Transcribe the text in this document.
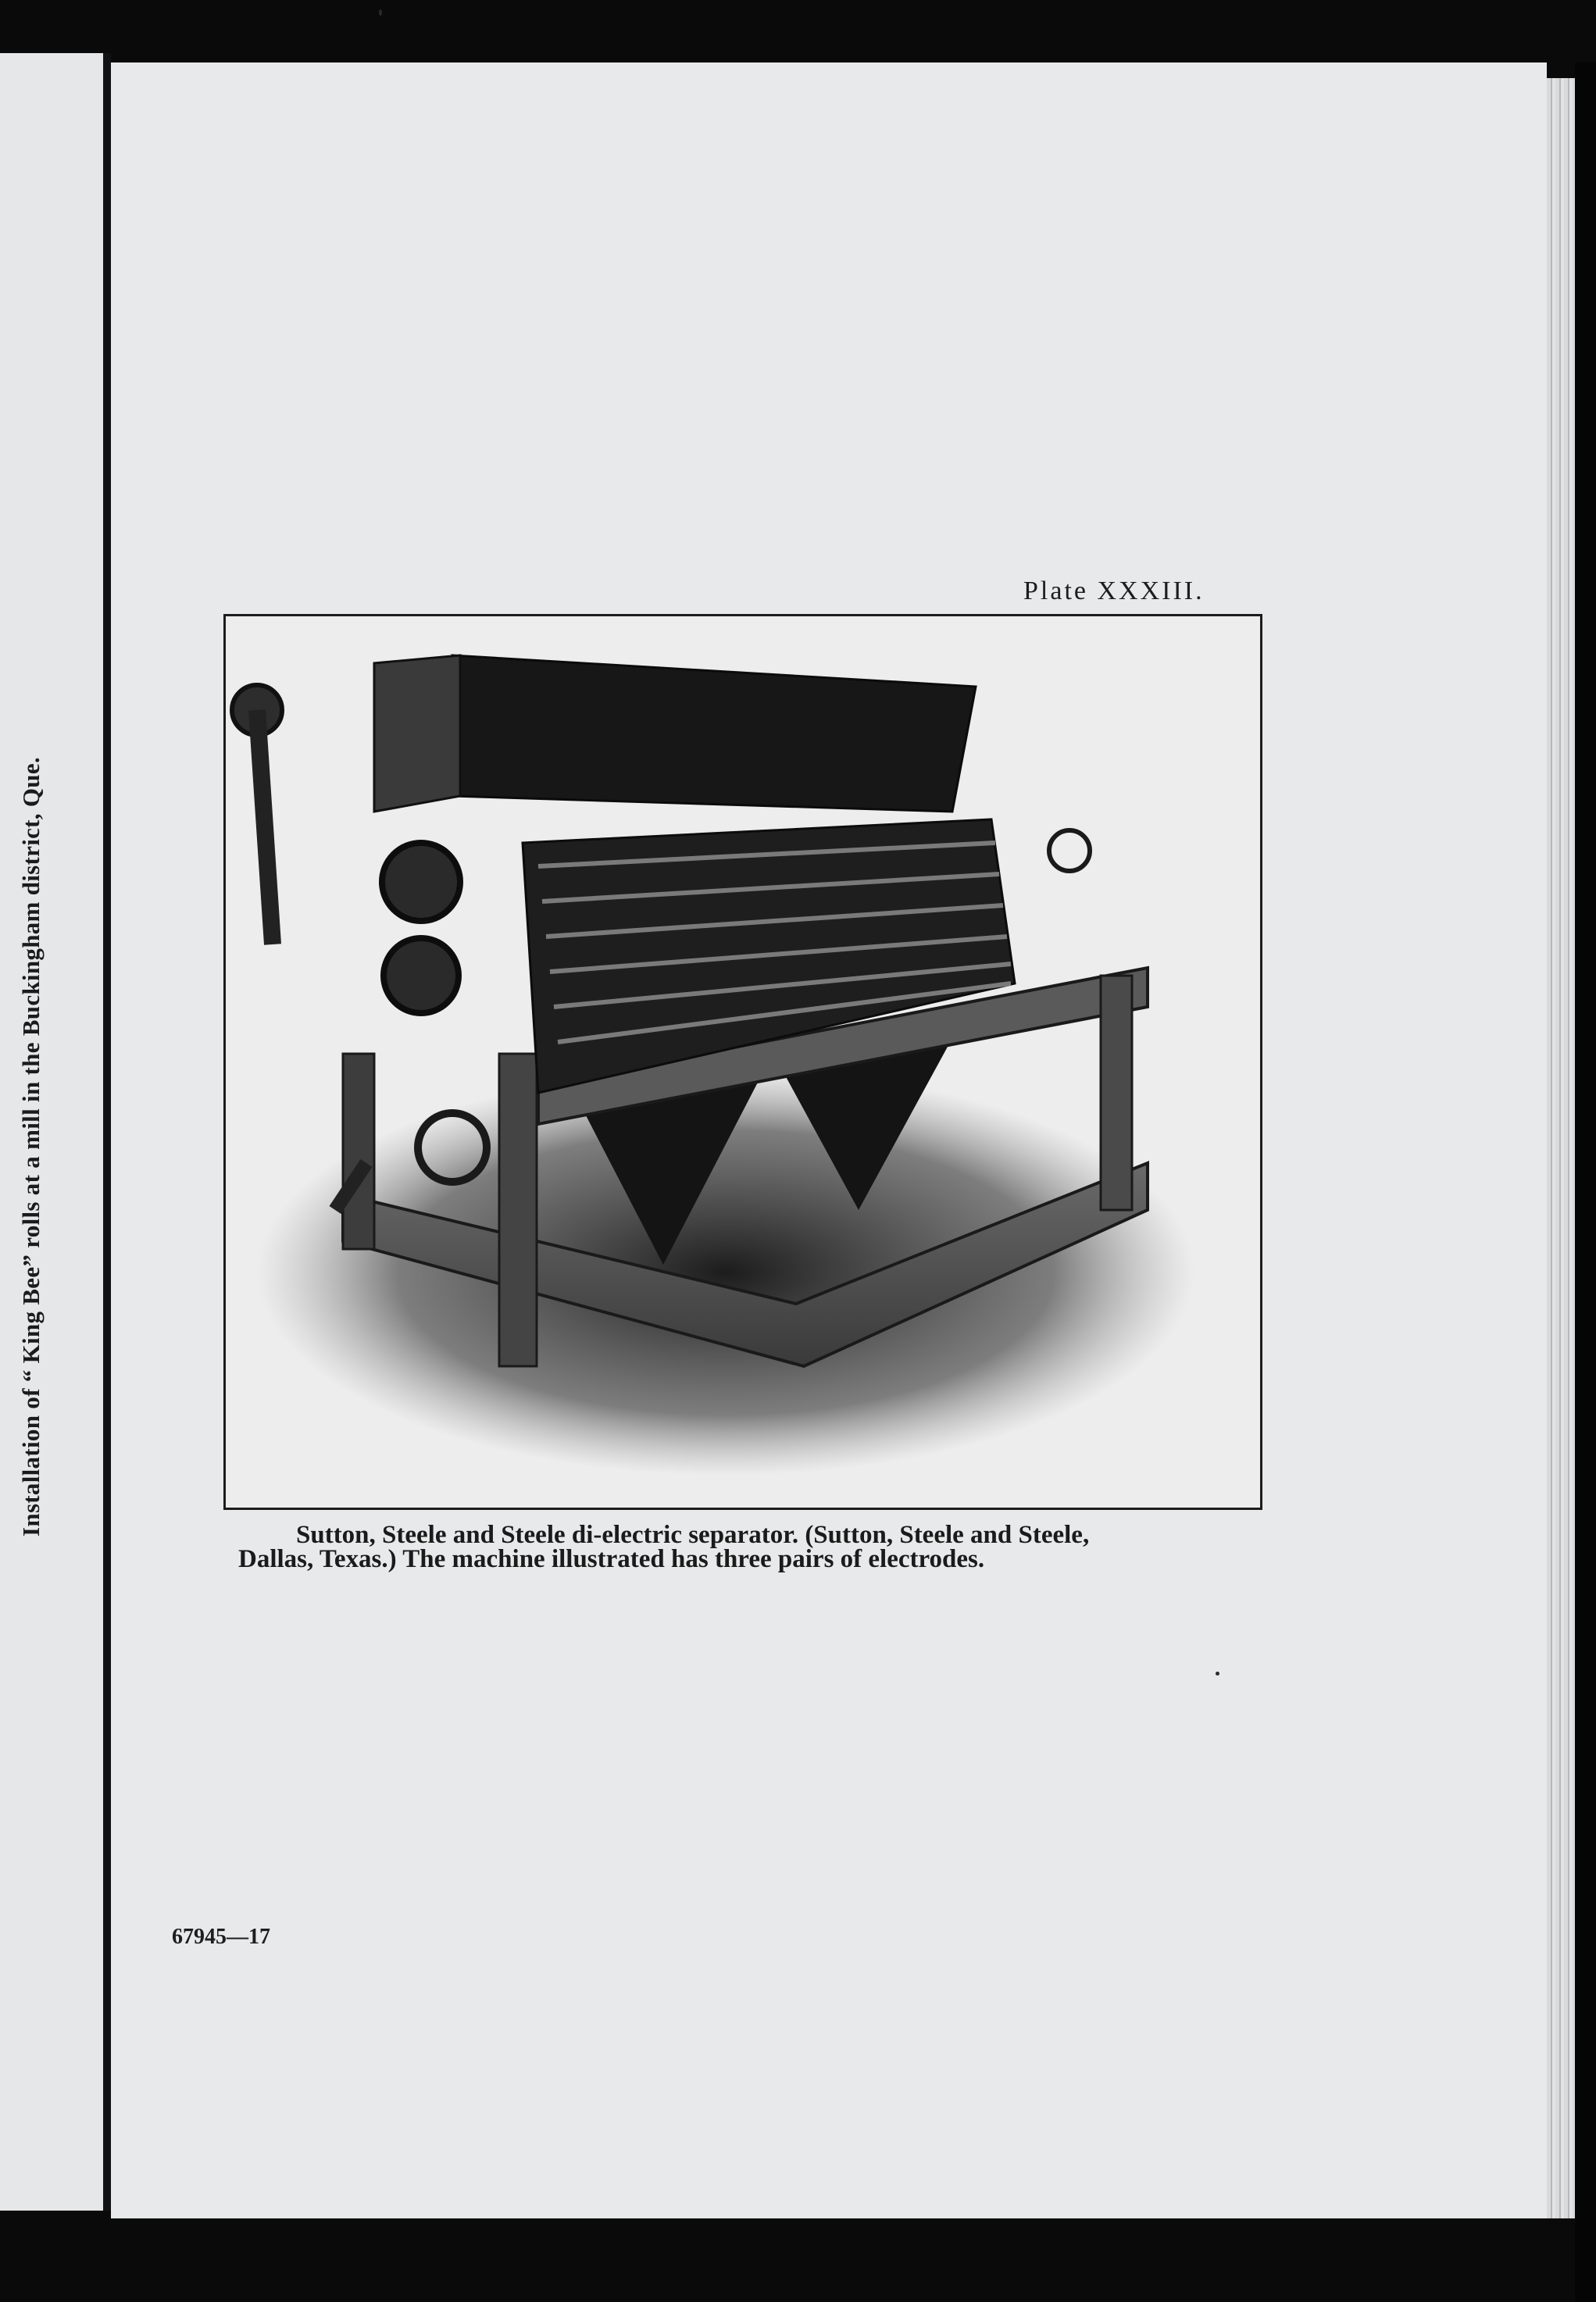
Installation of “ King Bee” rolls at a mill in the Buckingham district, Que.
Plate XXXIII.
Sutton, Steele and Steele di-electric separator. (Sutton, Steele and Steele,
Dallas, Texas.) The machine illustrated has three pairs of electrodes.
67945—17
